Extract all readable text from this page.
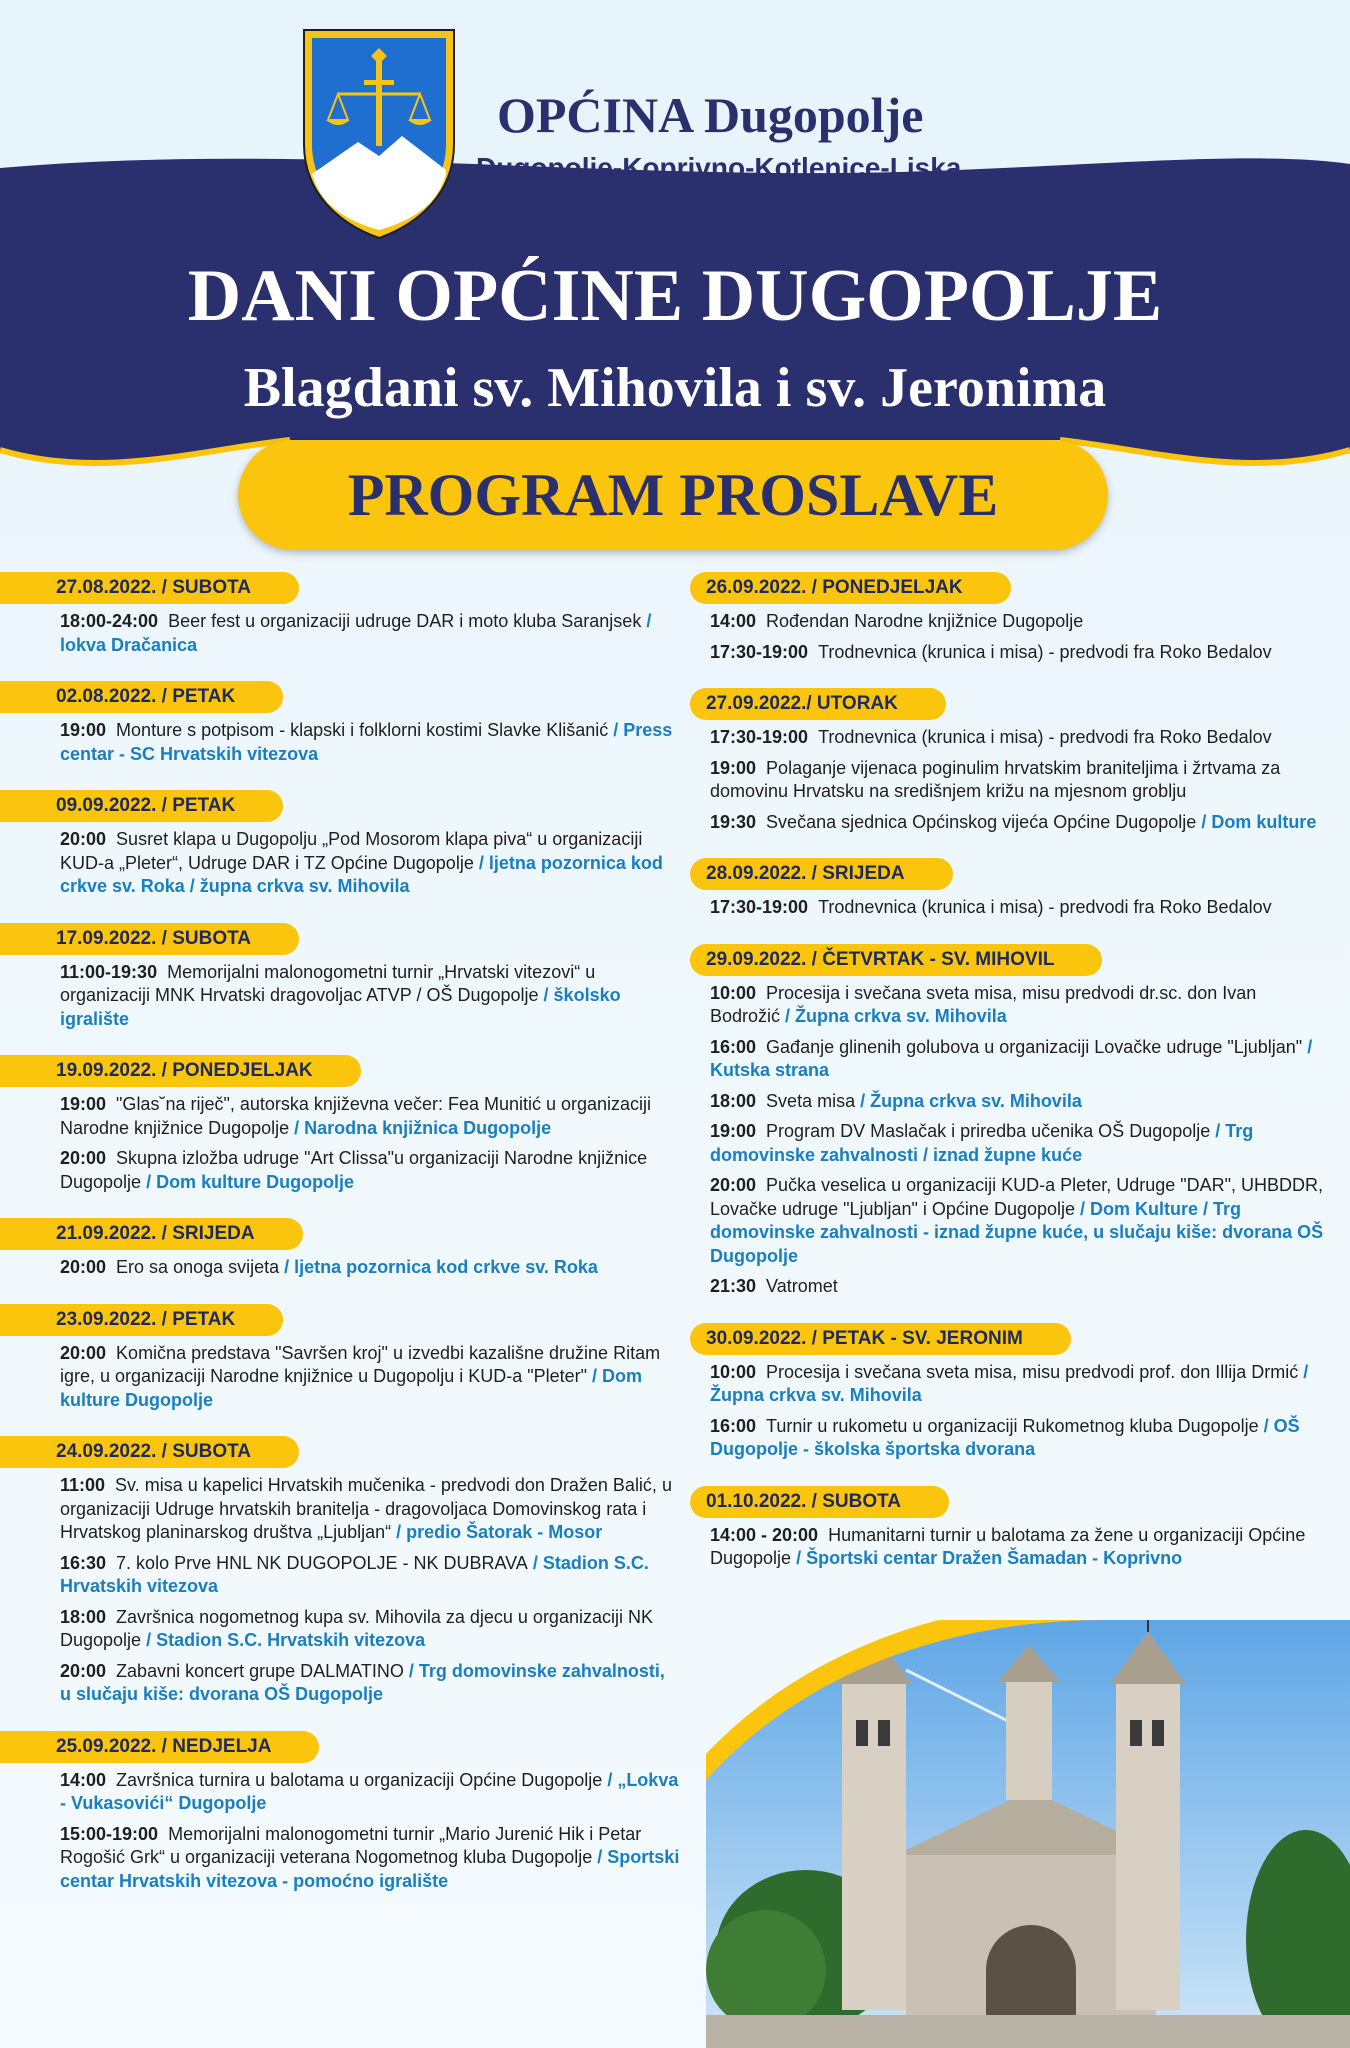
OPĆINA Dugopolje
Dugopolje-Koprivno-Kotlenice-Liska
DANI OPĆINE DUGOPOLJE
Blagdani sv. Mihovila i sv. Jeronima
PROGRAM PROSLAVE
27.08.2022. / SUBOTA
18:00-24:00 Beer fest u organizaciji udruge DAR i moto kluba Saranjsek / lokva Dračanica
02.08.2022. / PETAK
19:00 Monture s potpisom - klapski i folklorni kostimi Slavke Klišanić / Press centar - SC Hrvatskih vitezova
09.09.2022. / PETAK
20:00 Susret klapa u Dugopolju „Pod Mosorom klapa piva“ u organizaciji KUD-a „Pleter“, Udruge DAR i TZ Općine Dugopolje / ljetna pozornica kod crkve sv. Roka / župna crkva sv. Mihovila
17.09.2022. / SUBOTA
11:00-19:30 Memorijalni malonogometni turnir „Hrvatski vitezovi“ u organizaciji MNK Hrvatski dragovoljac ATVP / OŠ Dugopolje / školsko igralište
19.09.2022. / PONEDJELJAK
19:00 "Glas˘na riječ", autorska književna večer: Fea Munitić u organizaciji Narodne knjižnice Dugopolje / Narodna knjižnica Dugopolje
20:00 Skupna izložba udruge "Art Clissa"u organizaciji Narodne knjižnice Dugopolje / Dom kulture Dugopolje
21.09.2022. / SRIJEDA
20:00 Ero sa onoga svijeta / ljetna pozornica kod crkve sv. Roka
23.09.2022. / PETAK
20:00 Komična predstava "Savršen kroj" u izvedbi kazališne družine Ritam igre, u organizaciji Narodne knjižnice u Dugopolju i KUD-a "Pleter" / Dom kulture Dugopolje
24.09.2022. / SUBOTA
11:00 Sv. misa u kapelici Hrvatskih mučenika - predvodi don Dražen Balić, u organizaciji Udruge hrvatskih branitelja - dragovoljaca Domovinskog rata i Hrvatskog planinarskog društva „Ljubljan“ / predio Šatorak - Mosor
16:30 7. kolo Prve HNL NK DUGOPOLJE - NK DUBRAVA / Stadion S.C. Hrvatskih vitezova
18:00 Završnica nogometnog kupa sv. Mihovila za djecu u organizaciji NK Dugopolje / Stadion S.C. Hrvatskih vitezova
20:00 Zabavni koncert grupe DALMATINO / Trg domovinske zahvalnosti, u slučaju kiše: dvorana OŠ Dugopolje
25.09.2022. / NEDJELJA
14:00 Završnica turnira u balotama u organizaciji Općine Dugopolje / „Lokva - Vukasovići“ Dugopolje
15:00-19:00 Memorijalni malonogometni turnir „Mario Jurenić Hik i Petar Rogošić Grk“ u organizaciji veterana Nogometnog kluba Dugopolje / Sportski centar Hrvatskih vitezova - pomoćno igralište
26.09.2022. / PONEDJELJAK
14:00 Rođendan Narodne knjižnice Dugopolje
17:30-19:00 Trodnevnica (krunica i misa) - predvodi fra Roko Bedalov
27.09.2022./ UTORAK
17:30-19:00 Trodnevnica (krunica i misa) - predvodi fra Roko Bedalov
19:00 Polaganje vijenaca poginulim hrvatskim braniteljima i žrtvama za domovinu Hrvatsku na središnjem križu na mjesnom groblju
19:30 Svečana sjednica Općinskog vijeća Općine Dugopolje / Dom kulture
28.09.2022. / SRIJEDA
17:30-19:00 Trodnevnica (krunica i misa) - predvodi fra Roko Bedalov
29.09.2022. / ČETVRTAK - SV. MIHOVIL
10:00 Procesija i svečana sveta misa, misu predvodi dr.sc. don Ivan Bodrožić / Župna crkva sv. Mihovila
16:00 Gađanje glinenih golubova u organizaciji Lovačke udruge "Ljubljan" / Kutska strana
18:00 Sveta misa / Župna crkva sv. Mihovila
19:00 Program DV Maslačak i priredba učenika OŠ Dugopolje / Trg domovinske zahvalnosti / iznad župne kuće
20:00 Pučka veselica u organizaciji KUD-a Pleter, Udruge "DAR", UHBDDR, Lovačke udruge "Ljubljan" i Općine Dugopolje / Dom Kulture / Trg domovinske zahvalnosti - iznad župne kuće, u slučaju kiše: dvorana OŠ Dugopolje
21:30 Vatromet
30.09.2022. / PETAK - SV. JERONIM
10:00 Procesija i svečana sveta misa, misu predvodi prof. don Illija Drmić / Župna crkva sv. Mihovila
16:00 Turnir u rukometu u organizaciji Rukometnog kluba Dugopolje / OŠ Dugopolje - školska športska dvorana
01.10.2022. / SUBOTA
14:00 - 20:00 Humanitarni turnir u balotama za žene u organizaciji Općine Dugopolje / Športski centar Dražen Šamadan - Koprivno
